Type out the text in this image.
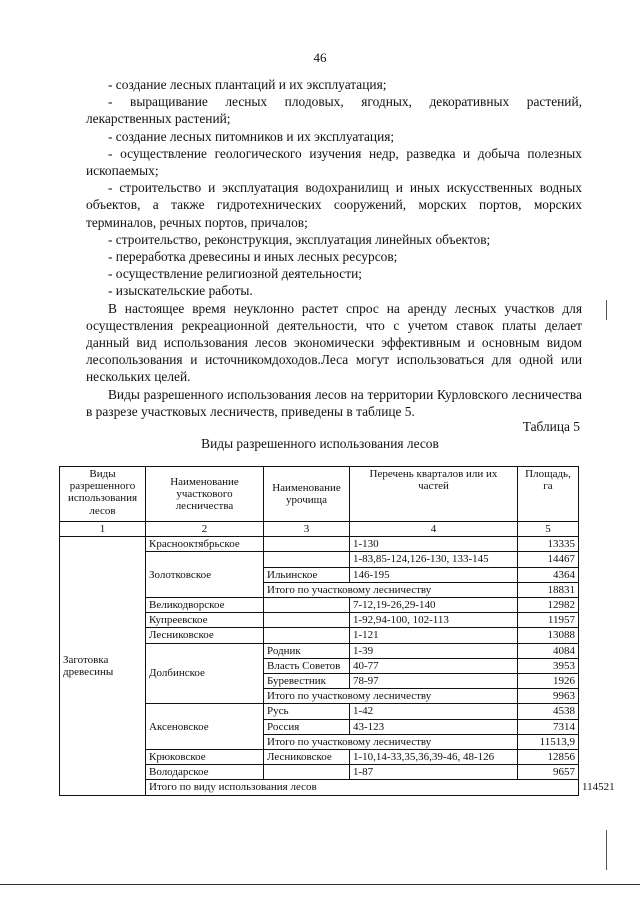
46

- создание лесных плантаций и их эксплуатация;

- выращивание лесных плодовых, ягодных, декоративных растений, лекарственных растений;

- создание лесных питомников и их эксплуатация;

- осуществление геологического изучения недр, разведка и добыча полезных ископаемых;

- строительство и эксплуатация водохранилищ и иных искусственных водных объектов, а также гидротехнических сооружений, морских портов, морских терминалов, речных портов, причалов;

- строительство, реконструкция, эксплуатация линейных объектов;

- переработка древесины и иных лесных ресурсов;

- осуществление религиозной деятельности;

- изыскательские работы.

В настоящее время неуклонно растет спрос на аренду лесных участков для осуществления рекреационной деятельности, что с учетом ставок платы делает данный вид использования лесов экономически эффективным и основным видом лесопользования и источникомдоходов.Леса могут использоваться для одной или нескольких целей.

Виды разрешенного использования лесов на территории Курловского лесничества в разрезе участковых лесничеств, приведены в таблице 5.

Таблица 5
Виды разрешенного использования лесов
Виды разрешенного использования лесов	Наименование участкового лесничества	Наименование урочища	Перечень кварталов или их частей	Площадь, га	
1	2	3	4	5	
Заготовка древесины	Краснооктябрьское		1-130	13335	
	Золотковское		1-83,85-124,126-130, 133-145	14467	
		Ильинское	146-195	4364	
		Итого по участковому лесничеству		18831	
	Великодворское		7-12,19-26,29-140	12982	
	Купреевское		1-92,94-100, 102-113	11957	
	Лесниковское		1-121	13088	
	Долбинское	Родник	1-39	4084	
		Власть Советов	40-77	3953	
		Буревестник	78-97	1926	
		Итого по участковому лесничеству		9963	
	Аксеновское	Русь	1-42	4538	
		Россия	43-123	7314	
		Итого по участковому лесничеству		11513,9	
	Крюковское	Лесниковское	1-10,14-33,35,36,39-46, 48-126	12856	
	Володарское		1-87	9657	
	Итого по виду использования лесов				114521
